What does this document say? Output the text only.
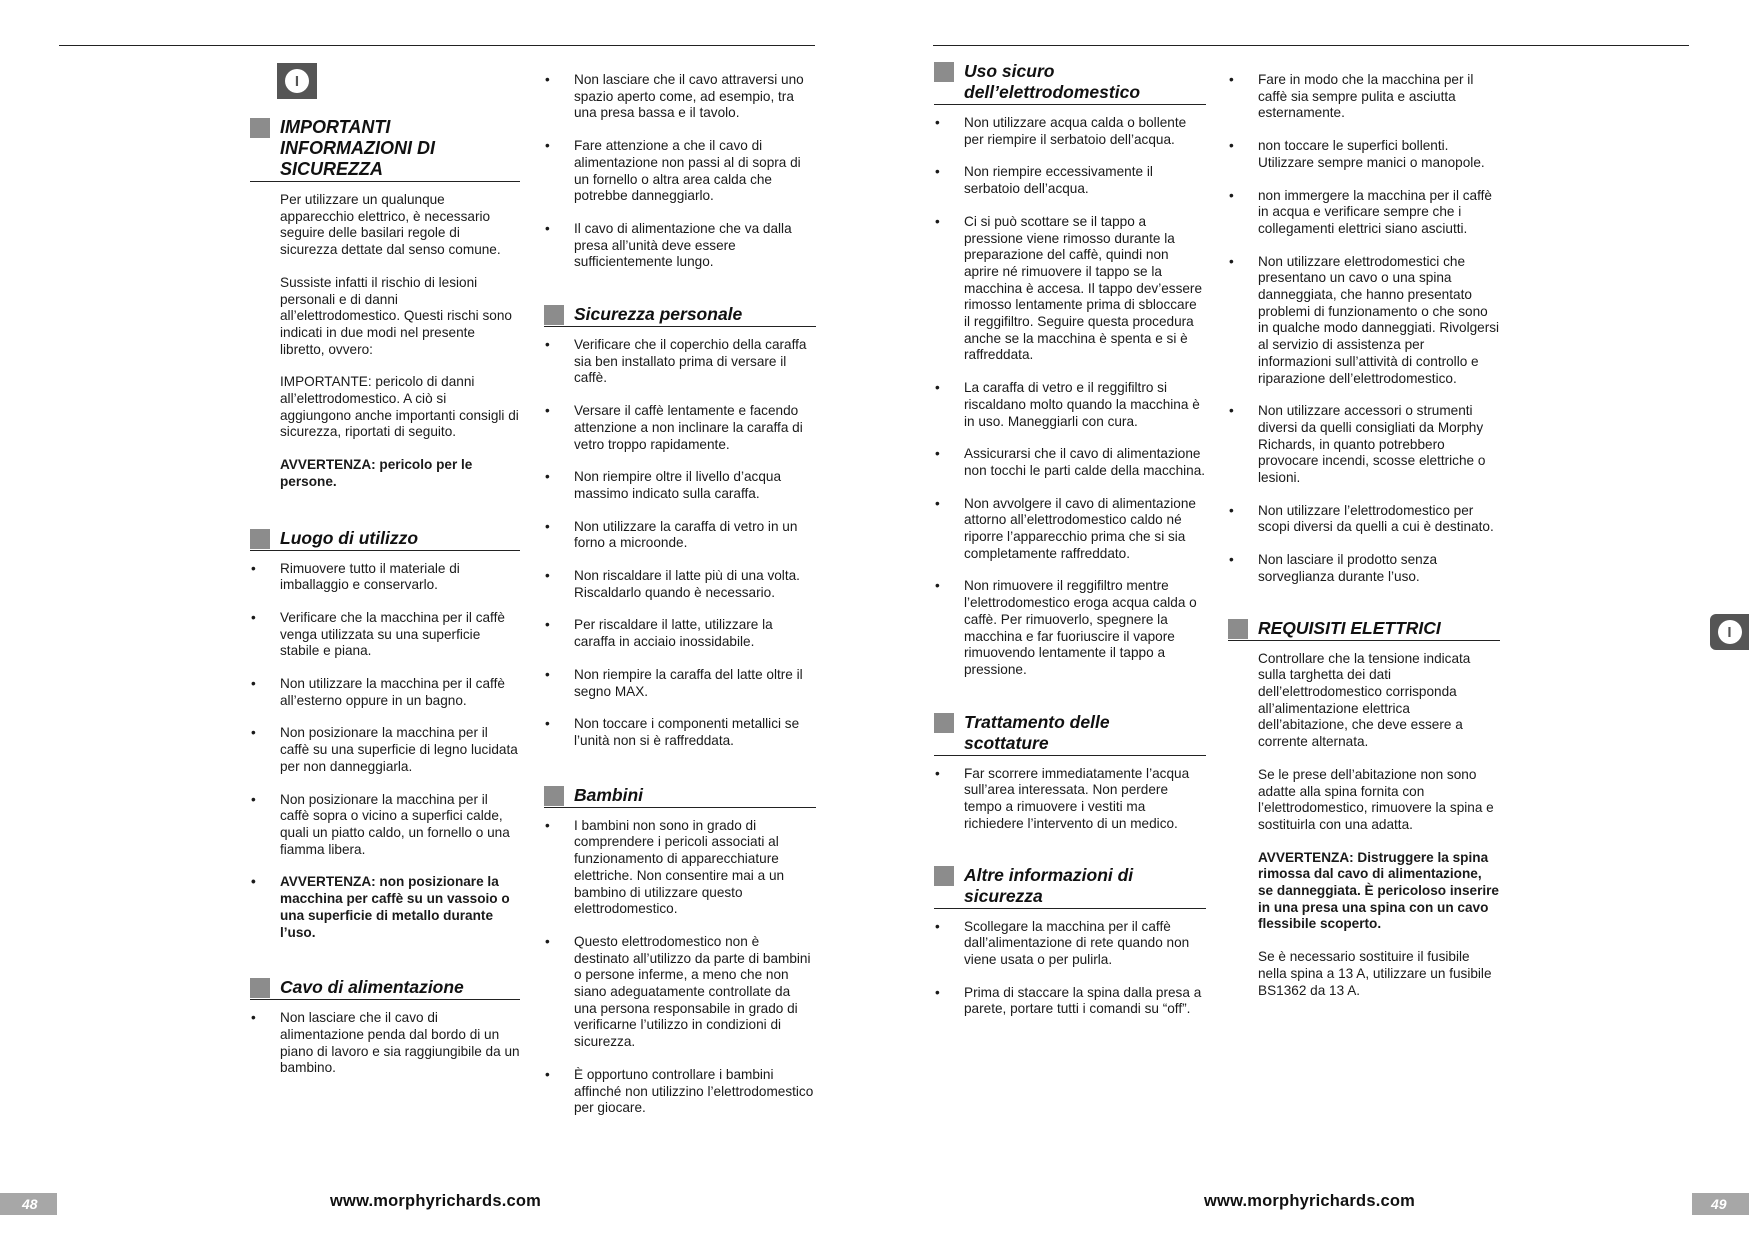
I
I
IMPORTANTI INFORMAZIONI DI SICUREZZA

Per utilizzare un qualunque apparecchio elettrico, è necessario seguire delle basilari regole di sicurezza dettate dal senso comune.

Sussiste infatti il rischio di lesioni personali e di danni all’elettrodomestico. Questi rischi sono indicati in due modi nel presente libretto, ovvero:

IMPORTANTE: pericolo di danni all’elettrodomestico. A ciò si aggiungono anche importanti consigli di sicurezza, riportati di seguito.

AVVERTENZA: pericolo per le persone.

Luogo di utilizzo
• Rimuovere tutto il materiale di imballaggio e conservarlo.
• Verificare che la macchina per il caffè venga utilizzata su una superficie stabile e piana.
• Non utilizzare la macchina per il caffè all’esterno oppure in un bagno.
• Non posizionare la macchina per il caffè su una superficie di legno lucidata per non danneggiarla.
• Non posizionare la macchina per il caffè sopra o vicino a superfici calde, quali un piatto caldo, un fornello o una fiamma libera.
• AVVERTENZA: non posizionare la macchina per caffè su un vassoio o una superficie di metallo durante l’uso.
Cavo di alimentazione
• Non lasciare che il cavo di alimentazione penda dal bordo di un piano di lavoro e sia raggiungibile da un bambino.
• Non lasciare che il cavo attraversi uno spazio aperto come, ad esempio, tra una presa bassa e il tavolo.
• Fare attenzione a che il cavo di alimentazione non passi al di sopra di un fornello o altra area calda che potrebbe danneggiarlo.
• Il cavo di alimentazione che va dalla presa all’unità deve essere sufficientemente lungo.
Sicurezza personale
• Verificare che il coperchio della caraffa sia ben installato prima di versare il caffè.
• Versare il caffè lentamente e facendo attenzione a non inclinare la caraffa di vetro troppo rapidamente.
• Non riempire oltre il livello d’acqua massimo indicato sulla caraffa.
• Non utilizzare la caraffa di vetro in un forno a microonde.
• Non riscaldare il latte più di una volta. Riscaldarlo quando è necessario.
• Per riscaldare il latte, utilizzare la caraffa in acciaio inossidabile.
• Non riempire la caraffa del latte oltre il segno MAX.
• Non toccare i componenti metallici se l’unità non si è raffreddata.
Bambini
• I bambini non sono in grado di comprendere i pericoli associati al funzionamento di apparecchiature elettriche. Non consentire mai a un bambino di utilizzare questo elettrodomestico.
• Questo elettrodomestico non è destinato all’utilizzo da parte di bambini o persone inferme, a meno che non siano adeguatamente controllate da una persona responsabile in grado di verificarne l’utilizzo in condizioni di sicurezza.
• È opportuno controllare i bambini affinché non utilizzino l’elettrodomestico per giocare.
Uso sicuro dell’elettrodomestico
• Non utilizzare acqua calda o bollente per riempire il serbatoio dell’acqua.
• Non riempire eccessivamente il serbatoio dell’acqua.
• Ci si può scottare se il tappo a pressione viene rimosso durante la preparazione del caffè, quindi non aprire né rimuovere il tappo se la macchina è accesa. Il tappo dev’essere rimosso lentamente prima di sbloccare il reggifiltro. Seguire questa procedura anche se la macchina è spenta e si è raffreddata.
• La caraffa di vetro e il reggifiltro si riscaldano molto quando la macchina è in uso. Maneggiarli con cura.
• Assicurarsi che il cavo di alimentazione non tocchi le parti calde della macchina.
• Non avvolgere il cavo di alimentazione attorno all’elettrodomestico caldo né riporre l’apparecchio prima che si sia completamente raffreddato.
• Non rimuovere il reggifiltro mentre l’elettrodomestico eroga acqua calda o caffè. Per rimuoverlo, spegnere la macchina e far fuoriuscire il vapore rimuovendo lentamente il tappo a pressione.
Trattamento delle scottature
• Far scorrere immediatamente l’acqua sull’area interessata. Non perdere tempo a rimuovere i vestiti ma richiedere l’intervento di un medico.
Altre informazioni di sicurezza
• Scollegare la macchina per il caffè dall’alimentazione di rete quando non viene usata o per pulirla.
• Prima di staccare la spina dalla presa a parete, portare tutti i comandi su “off”.
• Fare in modo che la macchina per il caffè sia sempre pulita e asciutta esternamente.
• non toccare le superfici bollenti. Utilizzare sempre manici o manopole.
• non immergere la macchina per il caffè in acqua e verificare sempre che i collegamenti elettrici siano asciutti.
• Non utilizzare elettrodomestici che presentano un cavo o una spina danneggiata, che hanno presentato problemi di funzionamento o che sono in qualche modo danneggiati. Rivolgersi al servizio di assistenza per informazioni sull’attività di controllo e riparazione dell’elettrodomestico.
• Non utilizzare accessori o strumenti diversi da quelli consigliati da Morphy Richards, in quanto potrebbero provocare incendi, scosse elettriche o lesioni.
• Non utilizzare l’elettrodomestico per scopi diversi da quelli a cui è destinato.
• Non lasciare il prodotto senza sorveglianza durante l’uso.
REQUISITI ELETTRICI

Controllare che la tensione indicata sulla targhetta dei dati dell’elettrodomestico corrisponda all’alimentazione elettrica dell’abitazione, che deve essere a corrente alternata.

Se le prese dell’abitazione non sono adatte alla spina fornita con l’elettrodomestico, rimuovere la spina e sostituirla con una adatta.

AVVERTENZA: Distruggere la spina rimossa dal cavo di alimentazione, se danneggiata. È pericoloso inserire in una presa una spina con un cavo flessibile scoperto.

Se è necessario sostituire il fusibile nella spina a 13 A, utilizzare un fusibile BS1362 da 13 A.

48	www.morphyrichards.com	www.morphyrichards.com	49
